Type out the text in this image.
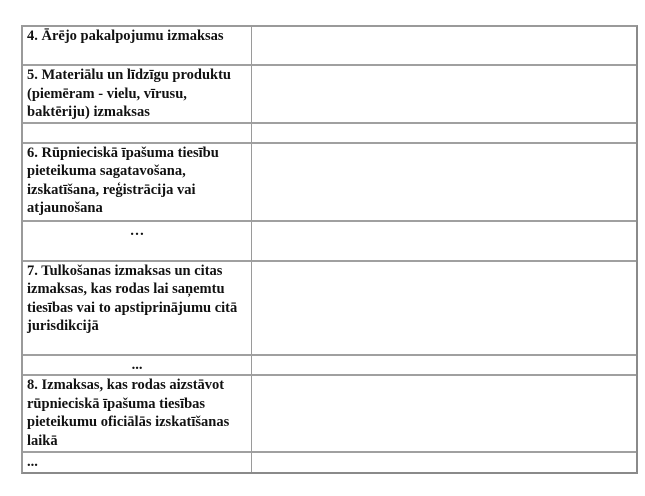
4. Ārējo pakalpojumu izmaksas	
5. Materiālu un līdzīgu produktu (piemēram - vielu, vīrusu, baktēriju) izmaksas	

6. Rūpnieciskā īpašuma tiesību pieteikuma sagatavošana, izskatīšana, reģistrācija vai atjaunošana	
…	
7. Tulkošanas izmaksas un citas izmaksas, kas rodas lai saņemtu tiesības vai to apstiprinājumu citā jurisdikcijā	
...	
8. Izmaksas, kas rodas aizstāvot rūpnieciskā īpašuma tiesības pieteikumu oficiālās izskatīšanas laikā	
...	
